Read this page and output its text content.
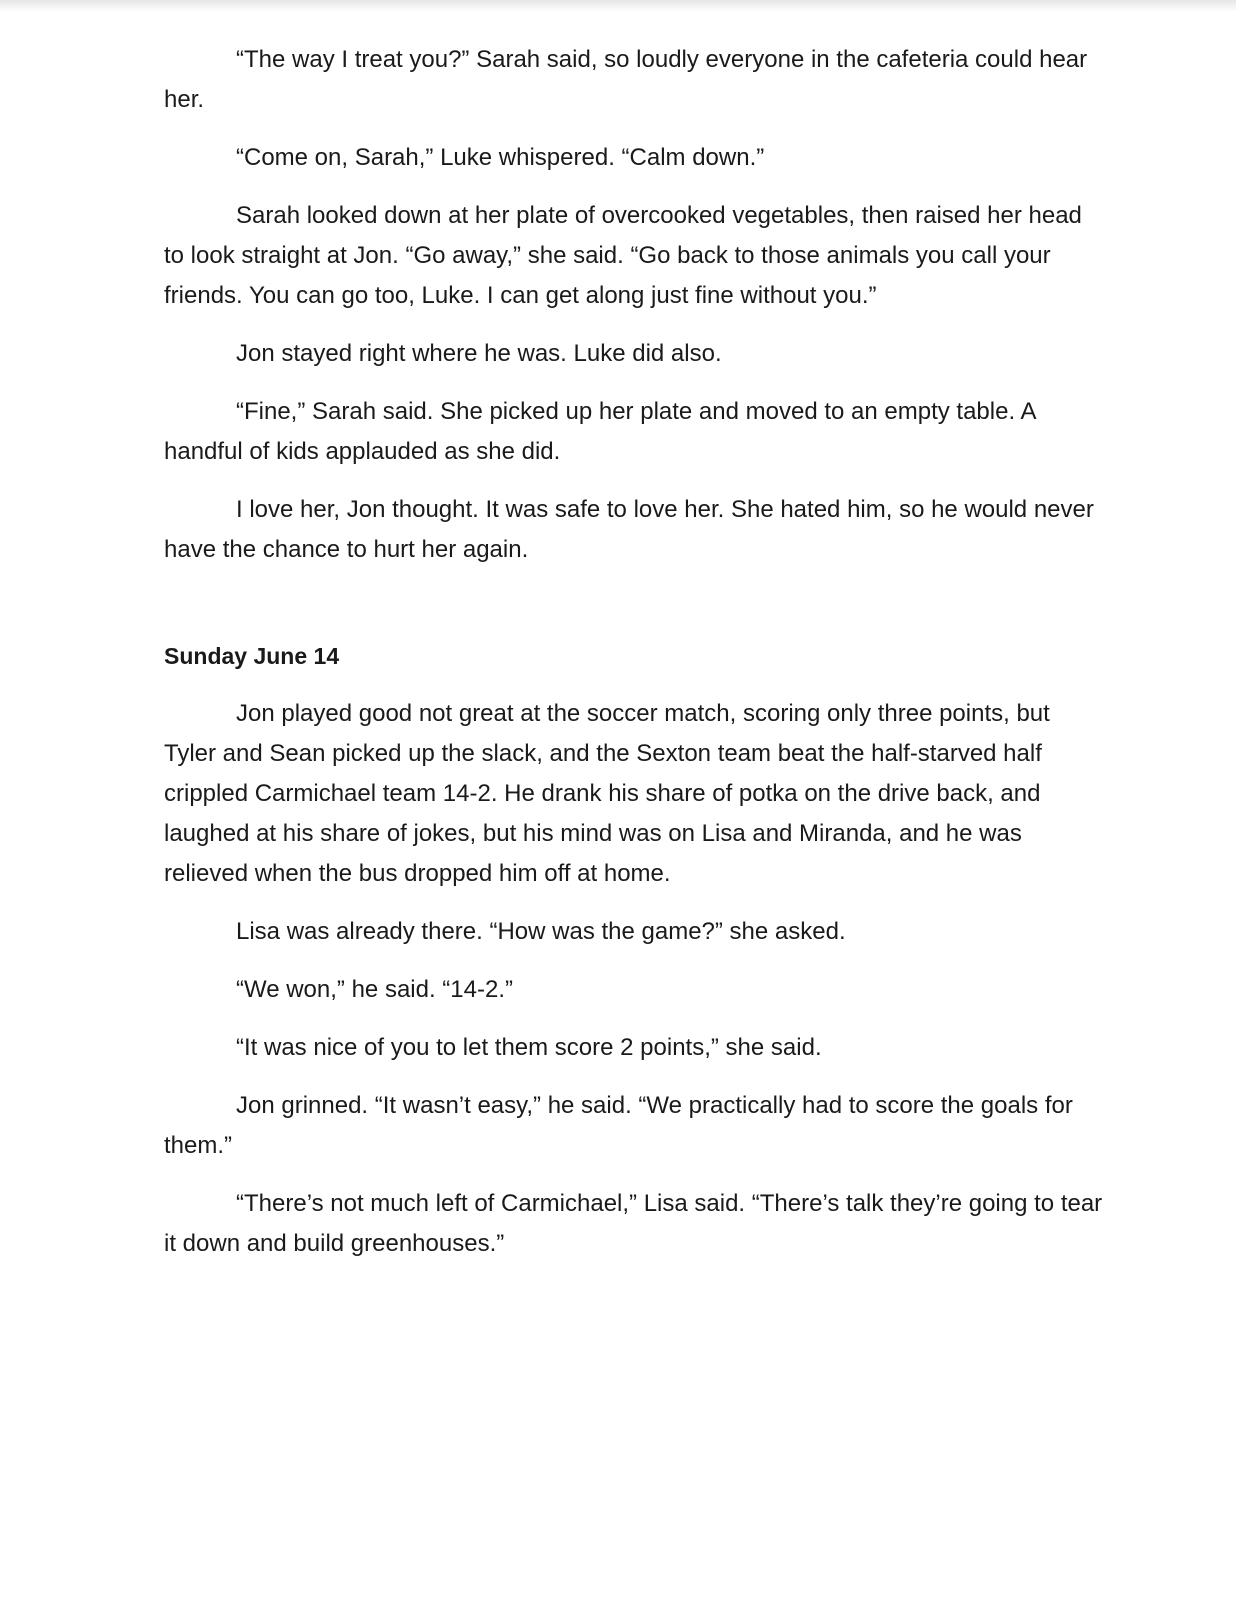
“The way I treat you?” Sarah said, so loudly everyone in the cafeteria could hear her.

“Come on, Sarah,” Luke whispered. “Calm down.”

Sarah looked down at her plate of overcooked vegetables, then raised her head to look straight at Jon. “Go away,” she said. “Go back to those animals you call your friends. You can go too, Luke. I can get along just fine without you.”

Jon stayed right where he was. Luke did also.

“Fine,” Sarah said. She picked up her plate and moved to an empty table. A handful of kids applauded as she did.

I love her, Jon thought. It was safe to love her. She hated him, so he would never have the chance to hurt her again.

Sunday June 14

Jon played good not great at the soccer match, scoring only three points, but Tyler and Sean picked up the slack, and the Sexton team beat the half-starved half crippled Carmichael team 14-2. He drank his share of potka on the drive back, and laughed at his share of jokes, but his mind was on Lisa and Miranda, and he was relieved when the bus dropped him off at home.

Lisa was already there. “How was the game?” she asked.

“We won,” he said. “14-2.”

“It was nice of you to let them score 2 points,” she said.

Jon grinned. “It wasn’t easy,” he said. “We practically had to score the goals for them.”

“There’s not much left of Carmichael,” Lisa said. “There’s talk they’re going to tear it down and build greenhouses.”
